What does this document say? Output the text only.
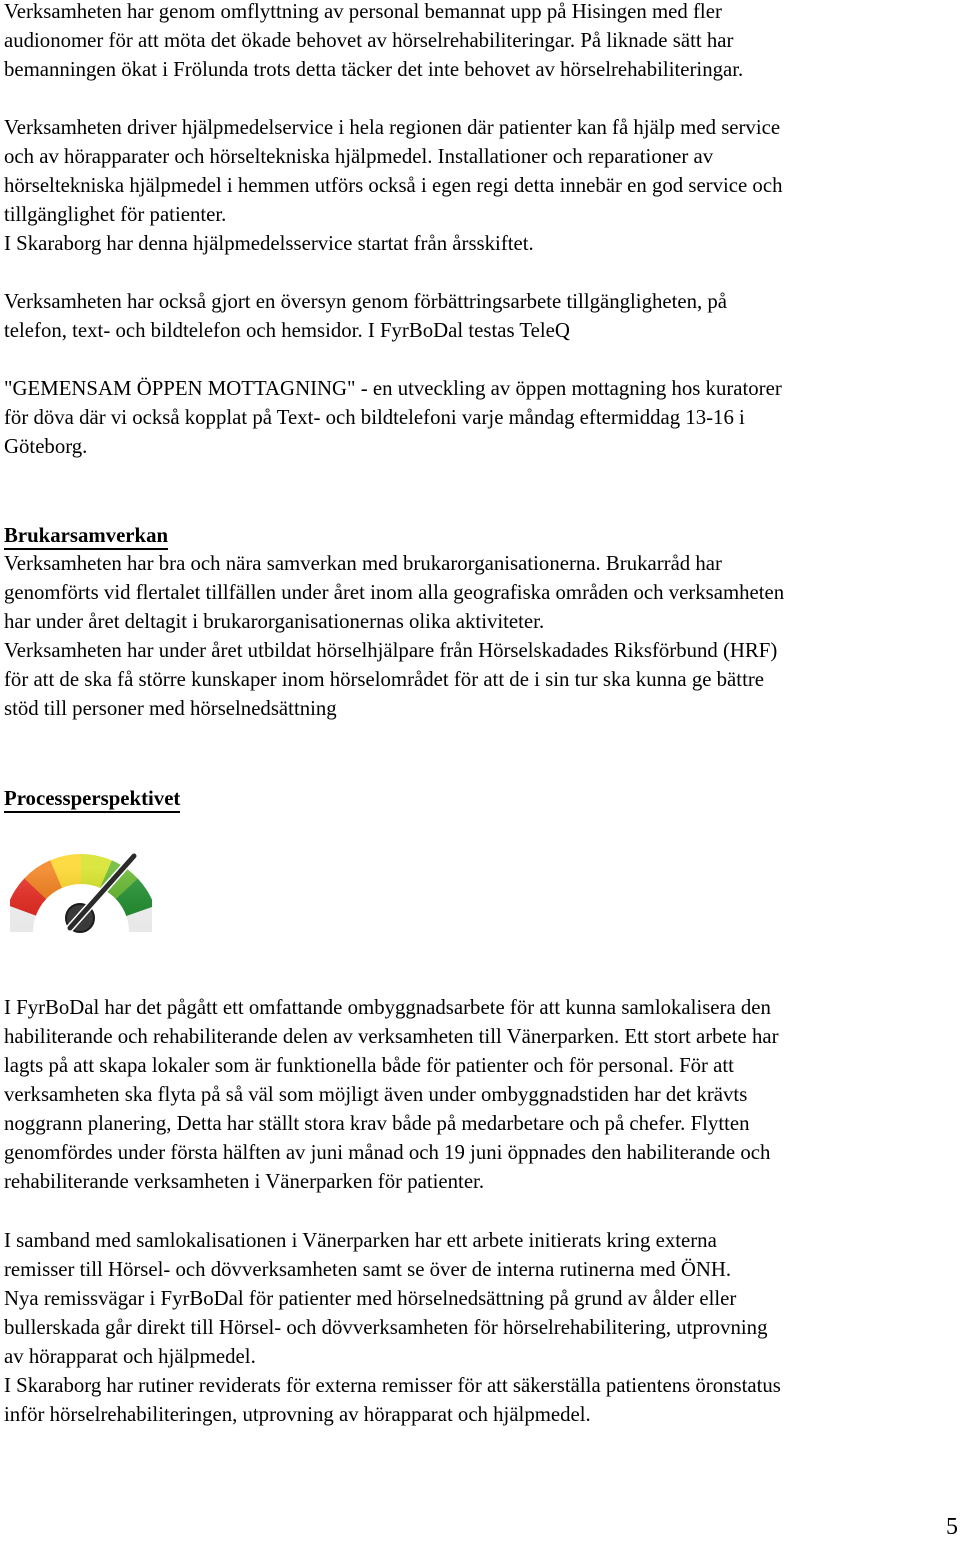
Verksamheten har genom omflyttning av personal bemannat upp på Hisingen med fler
audionomer för att möta det ökade behovet av hörselrehabiliteringar. På liknade sätt har
bemanningen ökat i Frölunda trots detta täcker det inte behovet av hörselrehabiliteringar.
Verksamheten driver hjälpmedelservice i hela regionen där patienter kan få hjälp med service
och av hörapparater och hörseltekniska hjälpmedel. Installationer och reparationer av
hörseltekniska hjälpmedel i hemmen utförs också i egen regi detta innebär en god service och
tillgänglighet för patienter.
I Skaraborg har denna hjälpmedelsservice startat från årsskiftet.
Verksamheten har också gjort en översyn genom förbättringsarbete tillgängligheten, på
telefon, text- och bildtelefon och hemsidor. I FyrBoDal testas TeleQ
"GEMENSAM ÖPPEN MOTTAGNING" - en utveckling av öppen mottagning hos kuratorer
för döva där vi också kopplat på Text- och bildtelefoni varje måndag eftermiddag 13-16 i
Göteborg.
Brukarsamverkan
Verksamheten har bra och nära samverkan med brukarorganisationerna. Brukarråd har
genomförts vid flertalet tillfällen under året inom alla geografiska områden och verksamheten
har under året deltagit i brukarorganisationernas olika aktiviteter.
Verksamheten har under året utbildat hörselhjälpare från Hörselskadades Riksförbund (HRF)
för att de ska få större kunskaper inom hörselområdet för att de i sin tur ska kunna ge bättre
stöd till personer med hörselnedsättning
Processperspektivet
I FyrBoDal har det pågått ett omfattande ombyggnadsarbete för att kunna samlokalisera den
habiliterande och rehabiliterande delen av verksamheten till Vänerparken. Ett stort arbete har
lagts på att skapa lokaler som är funktionella både för patienter och för personal. För att
verksamheten ska flyta på så väl som möjligt även under ombyggnadstiden har det krävts
noggrann planering, Detta har ställt stora krav både på medarbetare och på chefer. Flytten
genomfördes under första hälften av juni månad och 19 juni öppnades den habiliterande och
rehabiliterande verksamheten i Vänerparken för patienter.
I samband med samlokalisationen i Vänerparken har ett arbete initierats kring externa
remisser till Hörsel- och dövverksamheten samt se över de interna rutinerna med ÖNH.
Nya remissvägar i FyrBoDal för patienter med hörselnedsättning på grund av ålder eller
bullerskada går direkt till Hörsel- och dövverksamheten för hörselrehabilitering, utprovning
av hörapparat och hjälpmedel.
I Skaraborg har rutiner reviderats för externa remisser för att säkerställa patientens öronstatus
inför hörselrehabiliteringen, utprovning av hörapparat och hjälpmedel.
5
